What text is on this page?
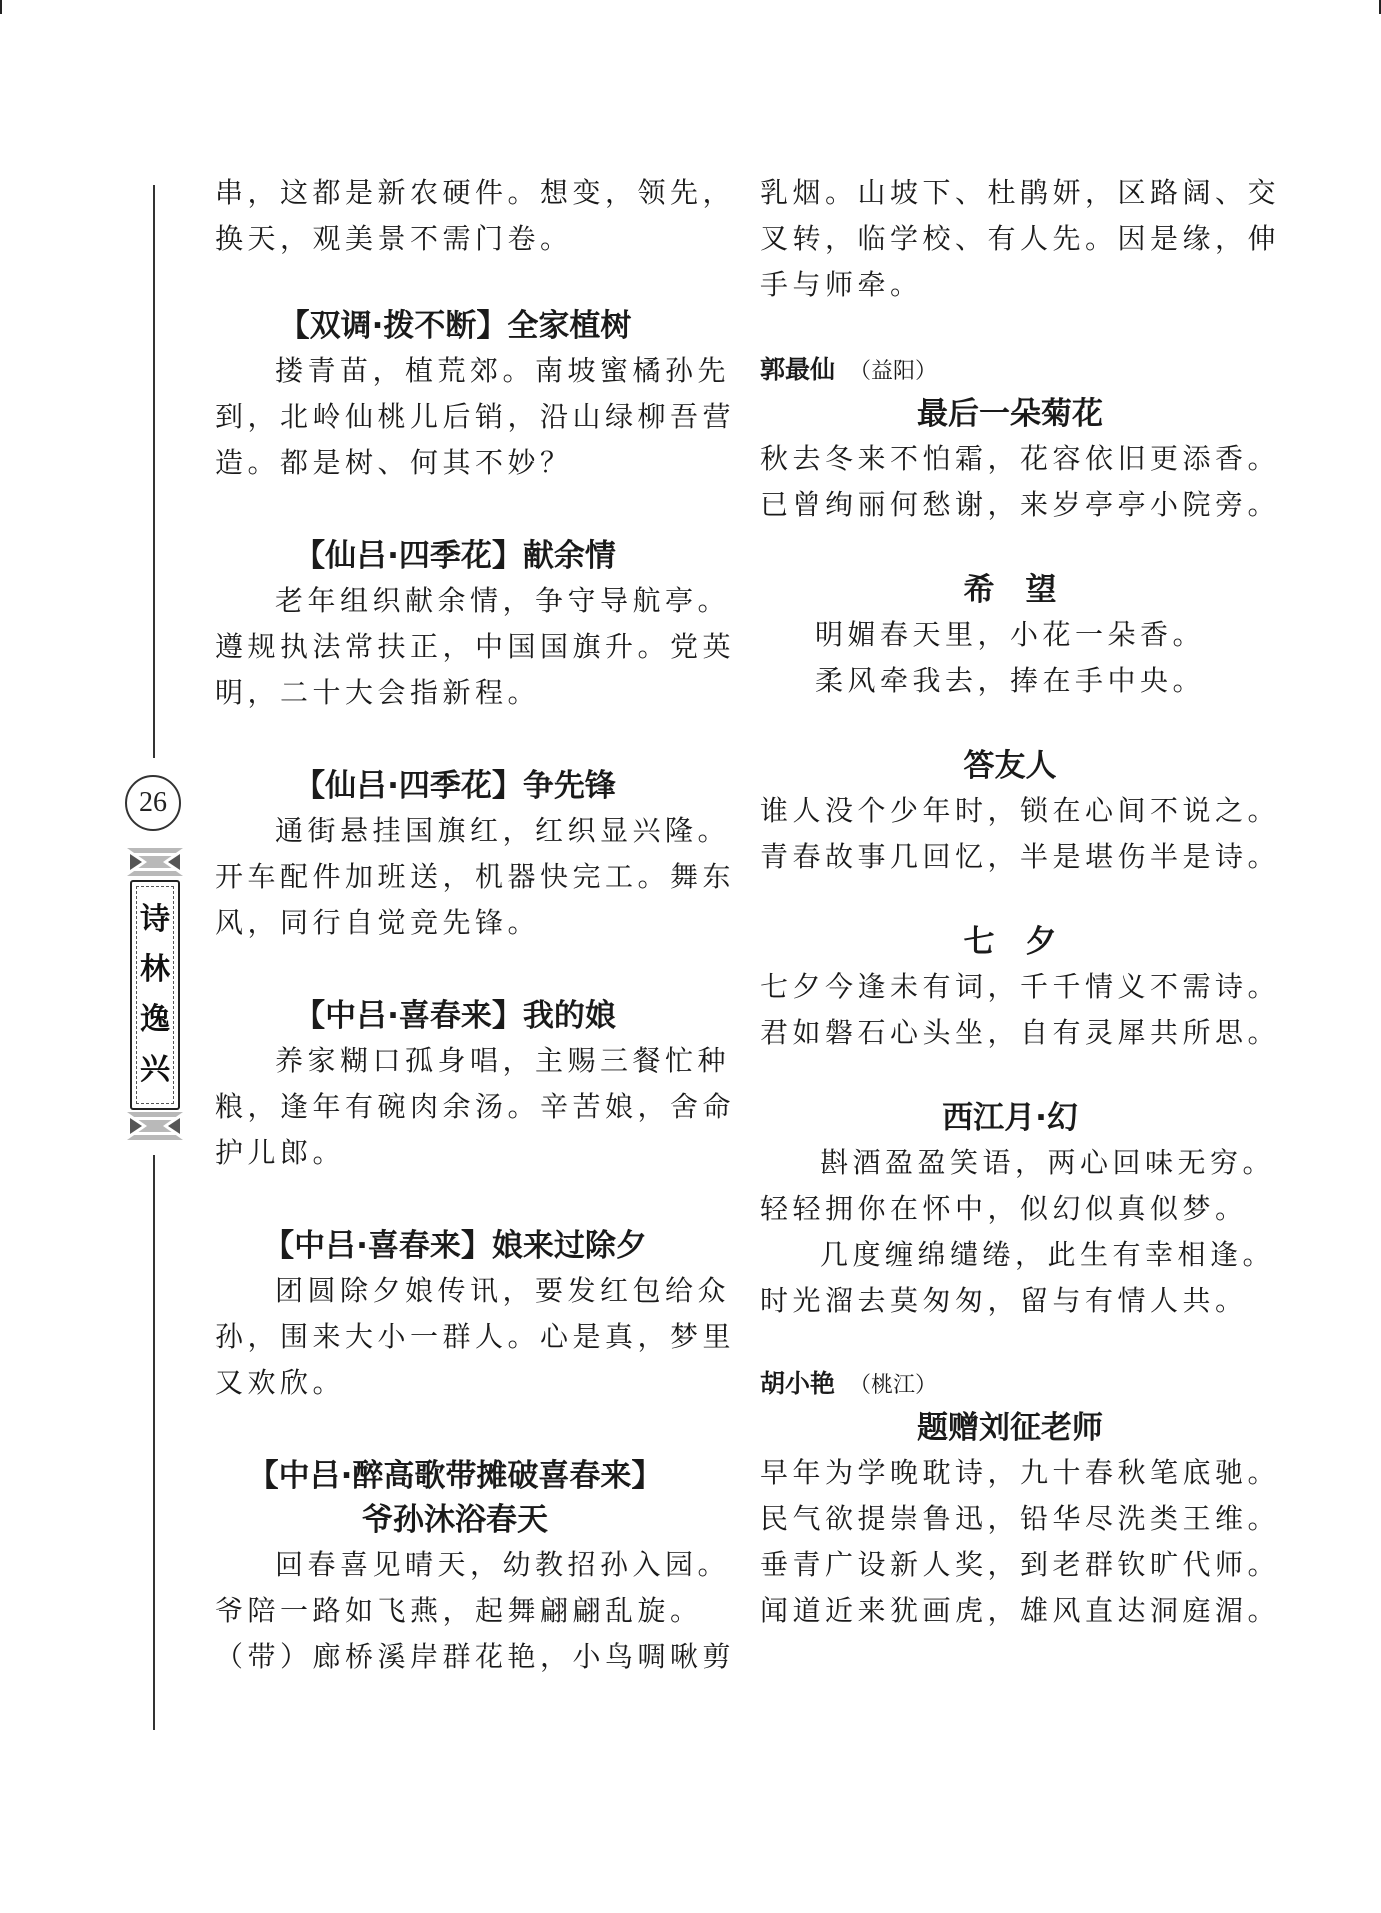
26
诗
林
逸
兴

串，这都是新农硬件。想变，领先，

换天，观美景不需门卷。

【双调·拨不断】全家植树

搂青苗，植荒郊。南坡蜜橘孙先

到，北岭仙桃儿后销，沿山绿柳吾营

造。都是树、何其不妙？

【仙吕·四季花】献余情

老年组织献余情，争守导航亭。

遵规执法常扶正，中国国旗升。党英

明，二十大会指新程。

【仙吕·四季花】争先锋

通街悬挂国旗红，红织显兴隆。

开车配件加班送，机器快完工。舞东

风，同行自觉竞先锋。

【中吕·喜春来】我的娘

养家糊口孤身唱，主赐三餐忙种

粮，逢年有碗肉余汤。辛苦娘，舍命

护儿郎。

【中吕·喜春来】娘来过除夕

团圆除夕娘传讯，要发红包给众

孙，围来大小一群人。心是真，梦里

又欢欣。

【中吕·醉高歌带摊破喜春来】

爷孙沐浴春天

回春喜见晴天，幼教招孙入园。

爷陪一路如飞燕，起舞翩翩乱旋。

（带）廊桥溪岸群花艳，小鸟啁啾剪

乳烟。山坡下、杜鹃妍，区路阔、交

叉转，临学校、有人先。因是缘，伸

手与师牵。

郭最仙 （益阳）

最后一朵菊花

秋去冬来不怕霜，花容依旧更添香。

已曾绚丽何愁谢，来岁亭亭小院旁。

希　望

明媚春天里，小花一朵香。

柔风牵我去，捧在手中央。

答友人

谁人没个少年时，锁在心间不说之。

青春故事几回忆，半是堪伤半是诗。

七　夕

七夕今逢未有词，千千情义不需诗。

君如磐石心头坐，自有灵犀共所思。

西江月·幻

斟酒盈盈笑语，两心回味无穷。

轻轻拥你在怀中，似幻似真似梦。

几度缠绵缱绻，此生有幸相逢。

时光溜去莫匆匆，留与有情人共。

胡小艳 （桃江）

题赠刘征老师

早年为学晚耽诗，九十春秋笔底驰。

民气欲提崇鲁迅，铅华尽洗类王维。

垂青广设新人奖，到老群钦旷代师。

闻道近来犹画虎，雄风直达洞庭湄。
